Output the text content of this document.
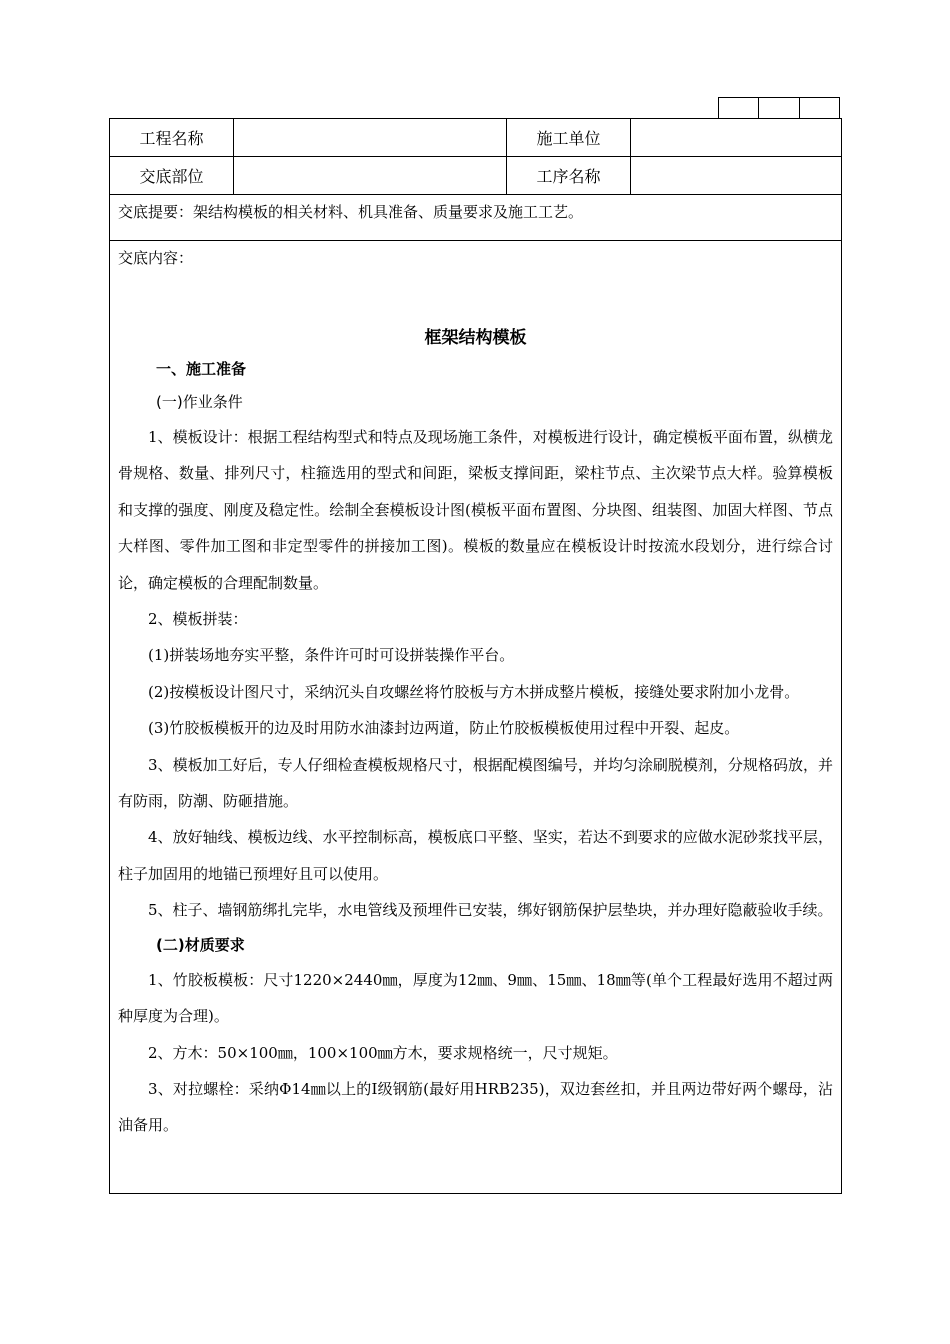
工程名称	施工单位
交底部位	工序名称
交底提要：架结构模板的相关材料、机具准备、质量要求及施工工艺。
交底内容：
框架结构模板
一、施工准备
(一)作业条件

1、模板设计：根据工程结构型式和特点及现场施工条件，对模板进行设计，确定模板平面布置，纵横龙骨规格、数量、排列尺寸，柱箍选用的型式和间距，梁板支撑间距，梁柱节点、主次梁节点大样。验算模板和支撑的强度、刚度及稳定性。绘制全套模板设计图(模板平面布置图、分块图、组装图、加固大样图、节点大样图、零件加工图和非定型零件的拼接加工图)。模板的数量应在模板设计时按流水段划分，进行综合讨论，确定模板的合理配制数量。

2、模板拼装：

(1)拼装场地夯实平整，条件许可时可设拼装操作平台。

(2)按模板设计图尺寸，采纳沉头自攻螺丝将竹胶板与方木拼成整片模板，接缝处要求附加小龙骨。

(3)竹胶板模板开的边及时用防水油漆封边两道，防止竹胶板模板使用过程中开裂、起皮。

3、模板加工好后，专人仔细检查模板规格尺寸，根据配模图编号，并均匀涂刷脱模剂，分规格码放，并有防雨，防潮、防砸措施。

4、放好轴线、模板边线、水平控制标高，模板底口平整、坚实，若达不到要求的应做水泥砂浆找平层，柱子加固用的地锚已预埋好且可以使用。

5、柱子、墙钢筋绑扎完毕，水电管线及预埋件已安装，绑好钢筋保护层垫块，并办理好隐蔽验收手续。

(二)材质要求

1、竹胶板模板：尺寸1220×2440㎜，厚度为12㎜、9㎜、15㎜、18㎜等(单个工程最好选用不超过两种厚度为合理)。

2、方木：50×100㎜，100×100㎜方木，要求规格统一，尺寸规矩。

3、对拉螺栓：采纳Φ14㎜以上的Ⅰ级钢筋(最好用HRB235)，双边套丝扣，并且两边带好两个螺母，沾油备用。
